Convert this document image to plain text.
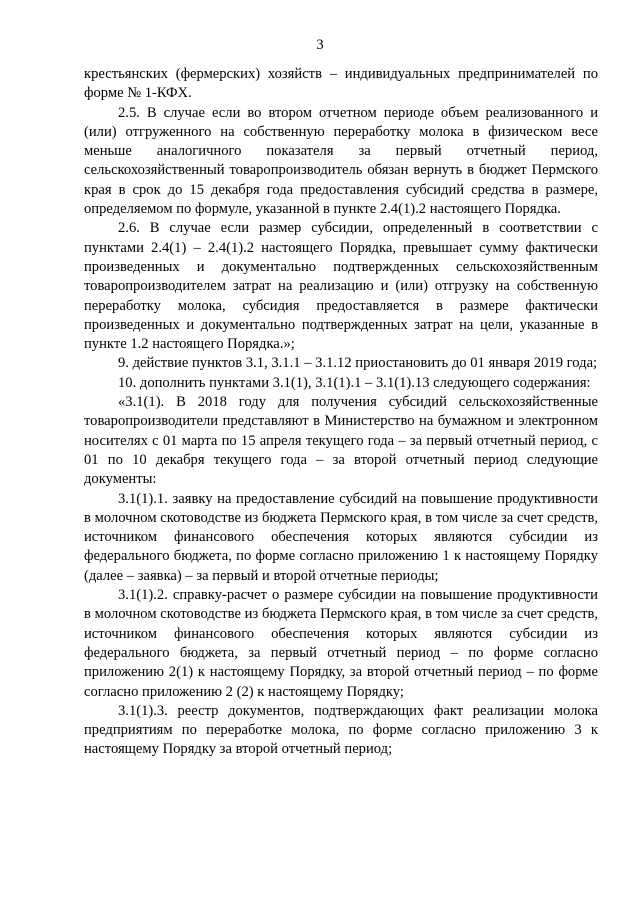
3

крестьянских (фермерских) хозяйств – индивидуальных предпринимателей по форме № 1-КФХ.

2.5. В случае если во втором отчетном периоде объем реализованного и (или) отгруженного на собственную переработку молока в физическом весе меньше аналогичного показателя за первый отчетный период, сельскохозяйственный товаропроизводитель обязан вернуть в бюджет Пермского края в срок до 15 декабря года предоставления субсидий средства в размере, определяемом по формуле, указанной в пункте 2.4(1).2 настоящего Порядка.

2.6. В случае если размер субсидии, определенный в соответствии с пунктами 2.4(1) – 2.4(1).2 настоящего Порядка, превышает сумму фактически произведенных и документально подтвержденных сельскохозяйственным товаропроизводителем затрат на реализацию и (или) отгрузку на собственную переработку молока, субсидия предоставляется в размере фактически произведенных и документально подтвержденных затрат на цели, указанные в пункте 1.2 настоящего Порядка.»;

9. действие пунктов 3.1, 3.1.1 – 3.1.12 приостановить до 01 января 2019 года;

10. дополнить пунктами 3.1(1), 3.1(1).1 – 3.1(1).13 следующего содержания:

«3.1(1). В 2018 году для получения субсидий сельскохозяйственные товаропроизводители представляют в Министерство на бумажном и электронном носителях с 01 марта по 15 апреля текущего года – за первый отчетный период, с 01 по 10 декабря текущего года – за второй отчетный период следующие документы:

3.1(1).1. заявку на предоставление субсидий на повышение продуктивности в молочном скотоводстве из бюджета Пермского края, в том числе за счет средств, источником финансового обеспечения которых являются субсидии из федерального бюджета, по форме согласно приложению 1 к настоящему Порядку (далее – заявка) – за первый и второй отчетные периоды;

3.1(1).2. справку-расчет о размере субсидии на повышение продуктивности в молочном скотоводстве из бюджета Пермского края, в том числе за счет средств, источником финансового обеспечения которых являются субсидии из федерального бюджета, за первый отчетный период – по форме согласно приложению 2(1) к настоящему Порядку, за второй отчетный период – по форме согласно приложению 2 (2) к настоящему Порядку;

3.1(1).3. реестр документов, подтверждающих факт реализации молока предприятиям по переработке молока, по форме согласно приложению 3 к настоящему Порядку за второй отчетный период;
